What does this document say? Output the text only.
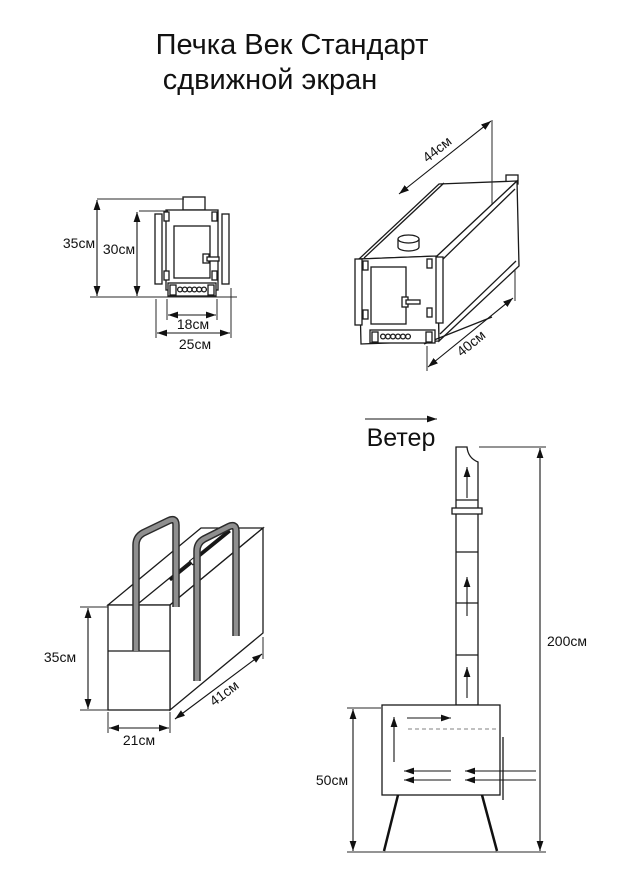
Печка Век Стандарт
сдвижной экран
35см 30см
18см
25см
44см
40см
35см
21см
41см
Ветер
200см
50см
